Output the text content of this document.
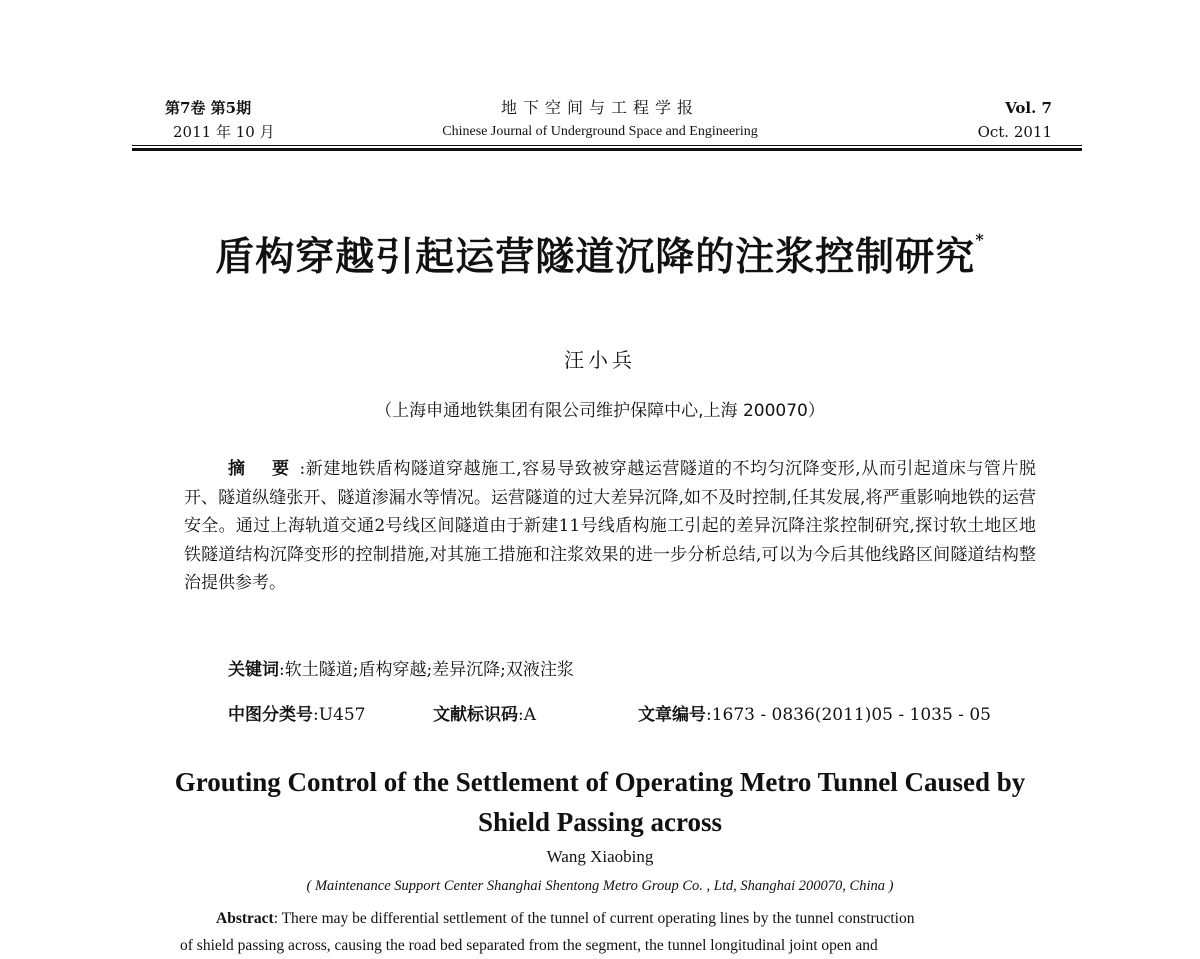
第7卷 第5期
2011 年 10 月
地下空间与工程学报
Chinese Journal of Underground Space and Engineering
Vol. 7
Oct. 2011
盾构穿越引起运营隧道沉降的注浆控制研究*
汪小兵
（上海申通地铁集团有限公司维护保障中心,上海 200070）
摘 要:新建地铁盾构隧道穿越施工,容易导致被穿越运营隧道的不均匀沉降变形,从而引起道床与管片脱开、隧道纵缝张开、隧道渗漏水等情况。运营隧道的过大差异沉降,如不及时控制,任其发展,将严重影响地铁的运营安全。通过上海轨道交通2号线区间隧道由于新建11号线盾构施工引起的差异沉降注浆控制研究,探讨软土地区地铁隧道结构沉降变形的控制措施,对其施工措施和注浆效果的进一步分析总结,可以为今后其他线路区间隧道结构整治提供参考。
关键词:软土隧道;盾构穿越;差异沉降;双液注浆
中图分类号:U457	文献标识码:A	文章编号:1673 - 0836(2011)05 - 1035 - 05
Grouting Control of the Settlement of Operating Metro Tunnel Caused by
Shield Passing across
Wang Xiaobing
( Maintenance Support Center Shanghai Shentong Metro Group Co. , Ltd, Shanghai 200070, China )
Abstract: There may be differential settlement of the tunnel of current operating lines by the tunnel construction
of shield passing across, causing the road bed separated from the segment, the tunnel longitudinal joint open and
